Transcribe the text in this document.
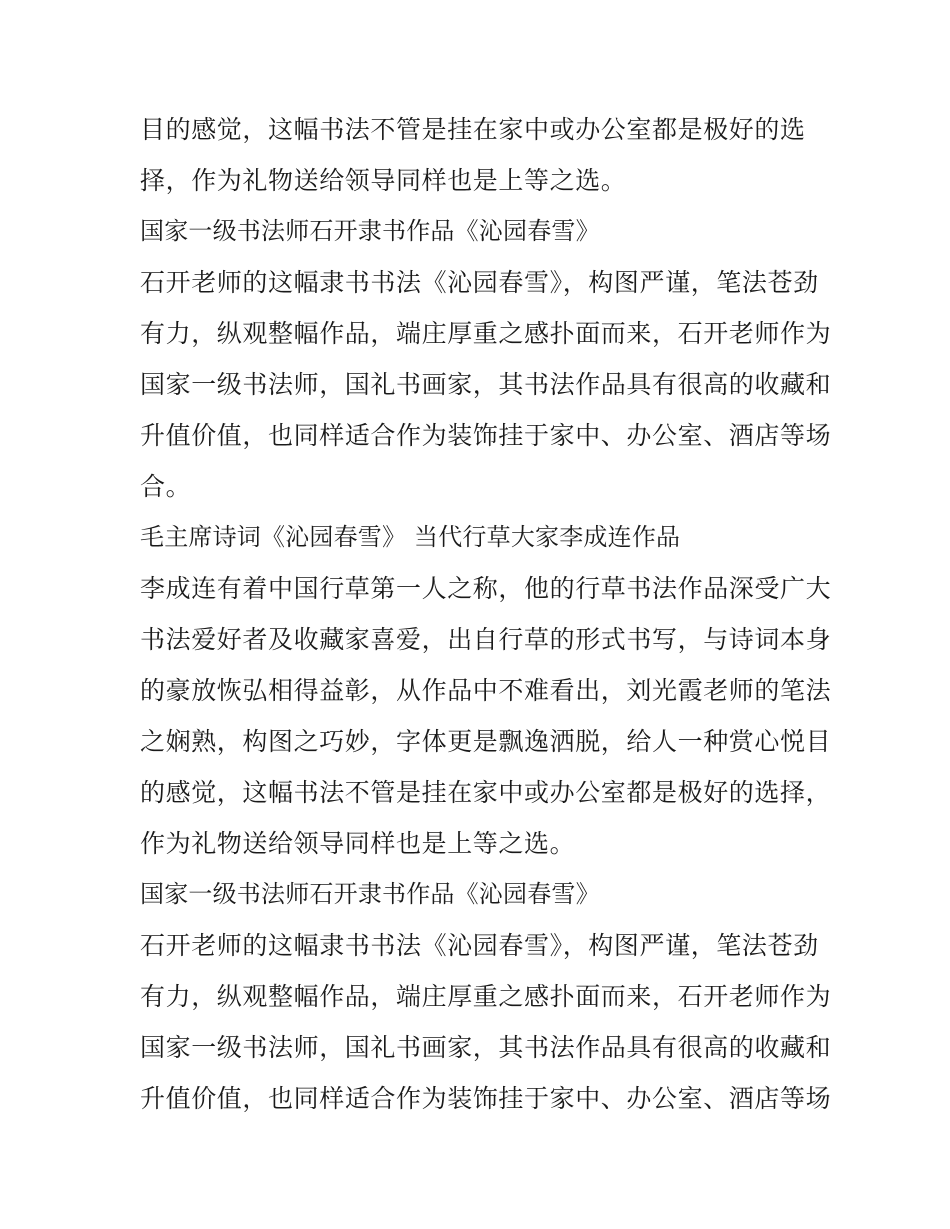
目的感觉，这幅书法不管是挂在家中或办公室都是极好的选
择，作为礼物送给领导同样也是上等之选。
国家一级书法师石开隶书作品《沁园春雪》
石开老师的这幅隶书书法《沁园春雪》，构图严谨，笔法苍劲
有力，纵观整幅作品，端庄厚重之感扑面而来，石开老师作为
国家一级书法师，国礼书画家，其书法作品具有很高的收藏和
升值价值，也同样适合作为装饰挂于家中、办公室、酒店等场
合。
毛主席诗词《沁园春雪》 当代行草大家李成连作品
李成连有着中国行草第一人之称，他的行草书法作品深受广大
书法爱好者及收藏家喜爱，出自行草的形式书写，与诗词本身
的豪放恢弘相得益彰，从作品中不难看出，刘光霞老师的笔法
之娴熟，构图之巧妙，字体更是飘逸洒脱，给人一种赏心悦目
的感觉，这幅书法不管是挂在家中或办公室都是极好的选择，
作为礼物送给领导同样也是上等之选。
国家一级书法师石开隶书作品《沁园春雪》
石开老师的这幅隶书书法《沁园春雪》，构图严谨，笔法苍劲
有力，纵观整幅作品，端庄厚重之感扑面而来，石开老师作为
国家一级书法师，国礼书画家，其书法作品具有很高的收藏和
升值价值，也同样适合作为装饰挂于家中、办公室、酒店等场
